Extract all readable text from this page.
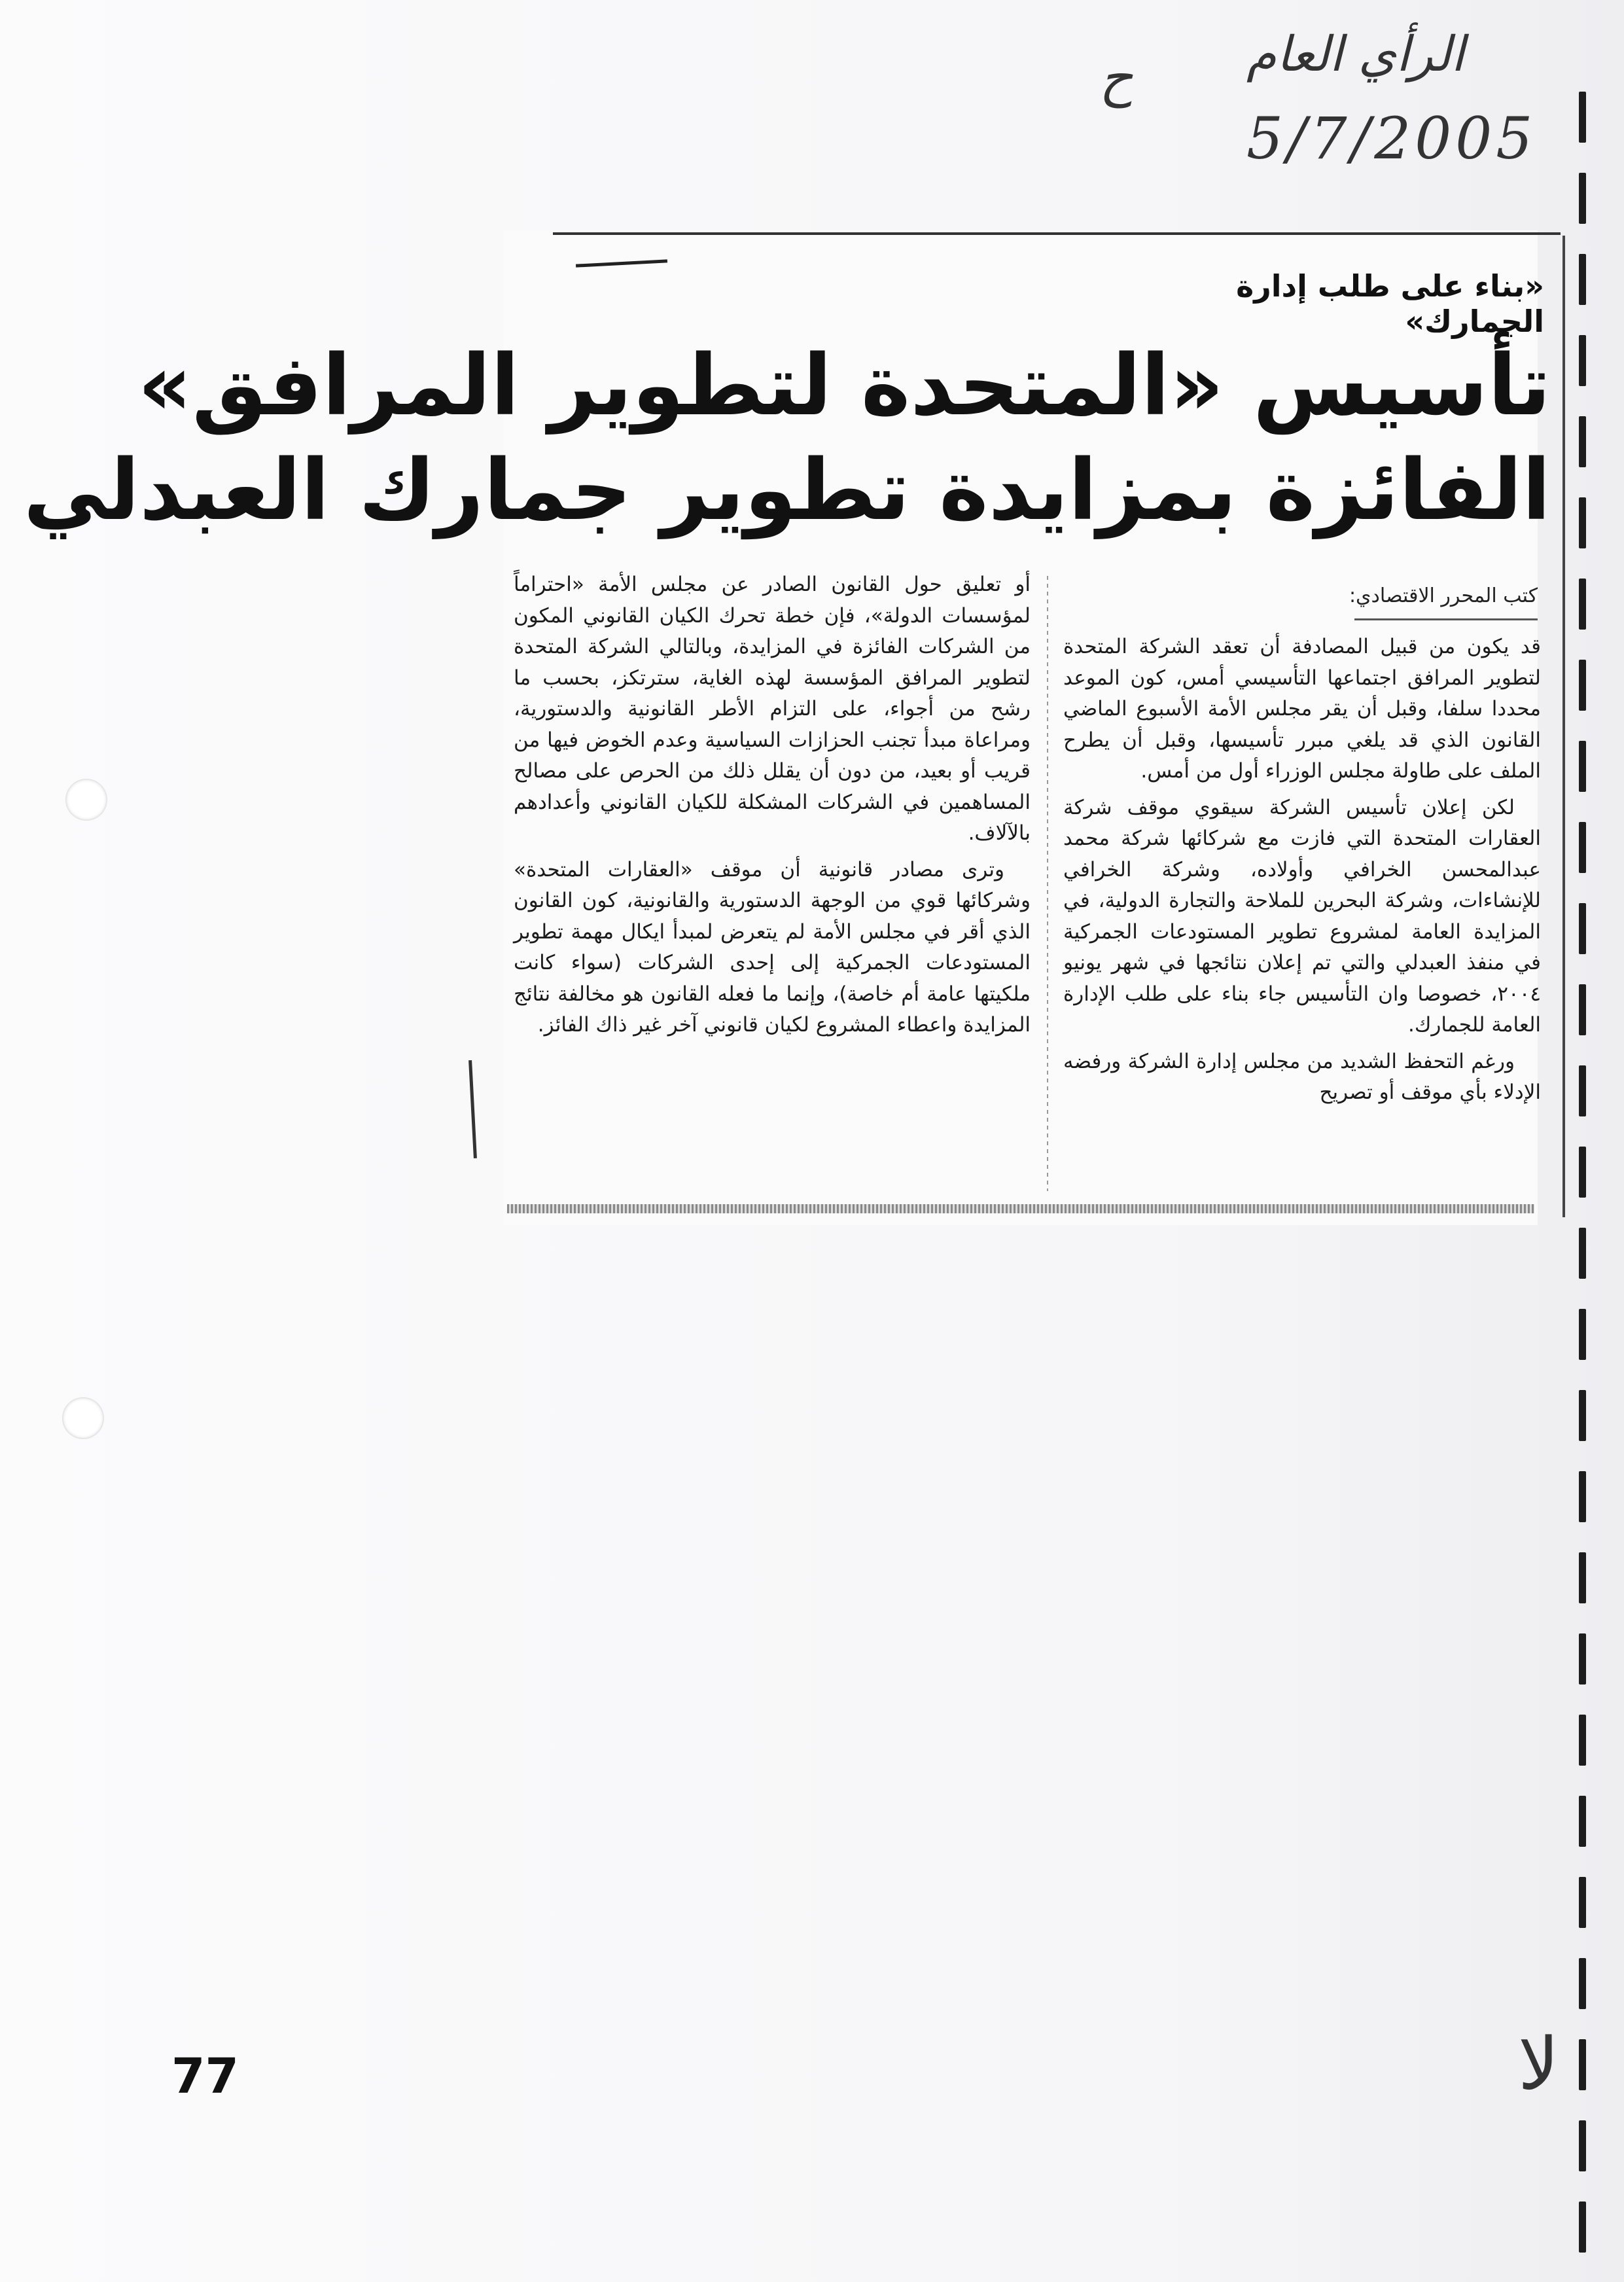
الرأي العام
5/7/2005
ح
«بناء على طلب إدارة الجمارك»
تأسيس «المتحدة لتطوير المرافق»
الفائزة بمزايدة تطوير جمارك العبدلي
كتب المحرر الاقتصادي:

قد يكون من قبيل المصادفة أن تعقد الشركة المتحدة لتطوير المرافق اجتماعها التأسيسي أمس، كون الموعد محددا سلفا، وقبل أن يقر مجلس الأمة الأسبوع الماضي القانون الذي قد يلغي مبرر تأسيسها، وقبل أن يطرح الملف على طاولة مجلس الوزراء أول من أمس.

لكن إعلان تأسيس الشركة سيقوي موقف شركة العقارات المتحدة التي فازت مع شركائها شركة محمد عبدالمحسن الخرافي وأولاده، وشركة الخرافي للإنشاءات، وشركة البحرين للملاحة والتجارة الدولية، في المزايدة العامة لمشروع تطوير المستودعات الجمركية في منفذ العبدلي والتي تم إعلان نتائجها في شهر يونيو ٢٠٠٤، خصوصا وان التأسيس جاء بناء على طلب الإدارة العامة للجمارك.

ورغم التحفظ الشديد من مجلس إدارة الشركة ورفضه الإدلاء بأي موقف أو تصريح

أو تعليق حول القانون الصادر عن مجلس الأمة «احتراماً لمؤسسات الدولة»، فإن خطة تحرك الكيان القانوني المكون من الشركات الفائزة في المزايدة، وبالتالي الشركة المتحدة لتطوير المرافق المؤسسة لهذه الغاية، سترتكز، بحسب ما رشح من أجواء، على التزام الأطر القانونية والدستورية، ومراعاة مبدأ تجنب الحزازات السياسية وعدم الخوض فيها من قريب أو بعيد، من دون أن يقلل ذلك من الحرص على مصالح المساهمين في الشركات المشكلة للكيان القانوني وأعدادهم بالآلاف.

وترى مصادر قانونية أن موقف «العقارات المتحدة» وشركائها قوي من الوجهة الدستورية والقانونية، كون القانون الذي أقر في مجلس الأمة لم يتعرض لمبدأ ايكال مهمة تطوير المستودعات الجمركية إلى إحدى الشركات (سواء كانت ملكيتها عامة أم خاصة)، وإنما ما فعله القانون هو مخالفة نتائج المزايدة واعطاء المشروع لكيان قانوني آخر غير ذاك الفائز.

لا
77
